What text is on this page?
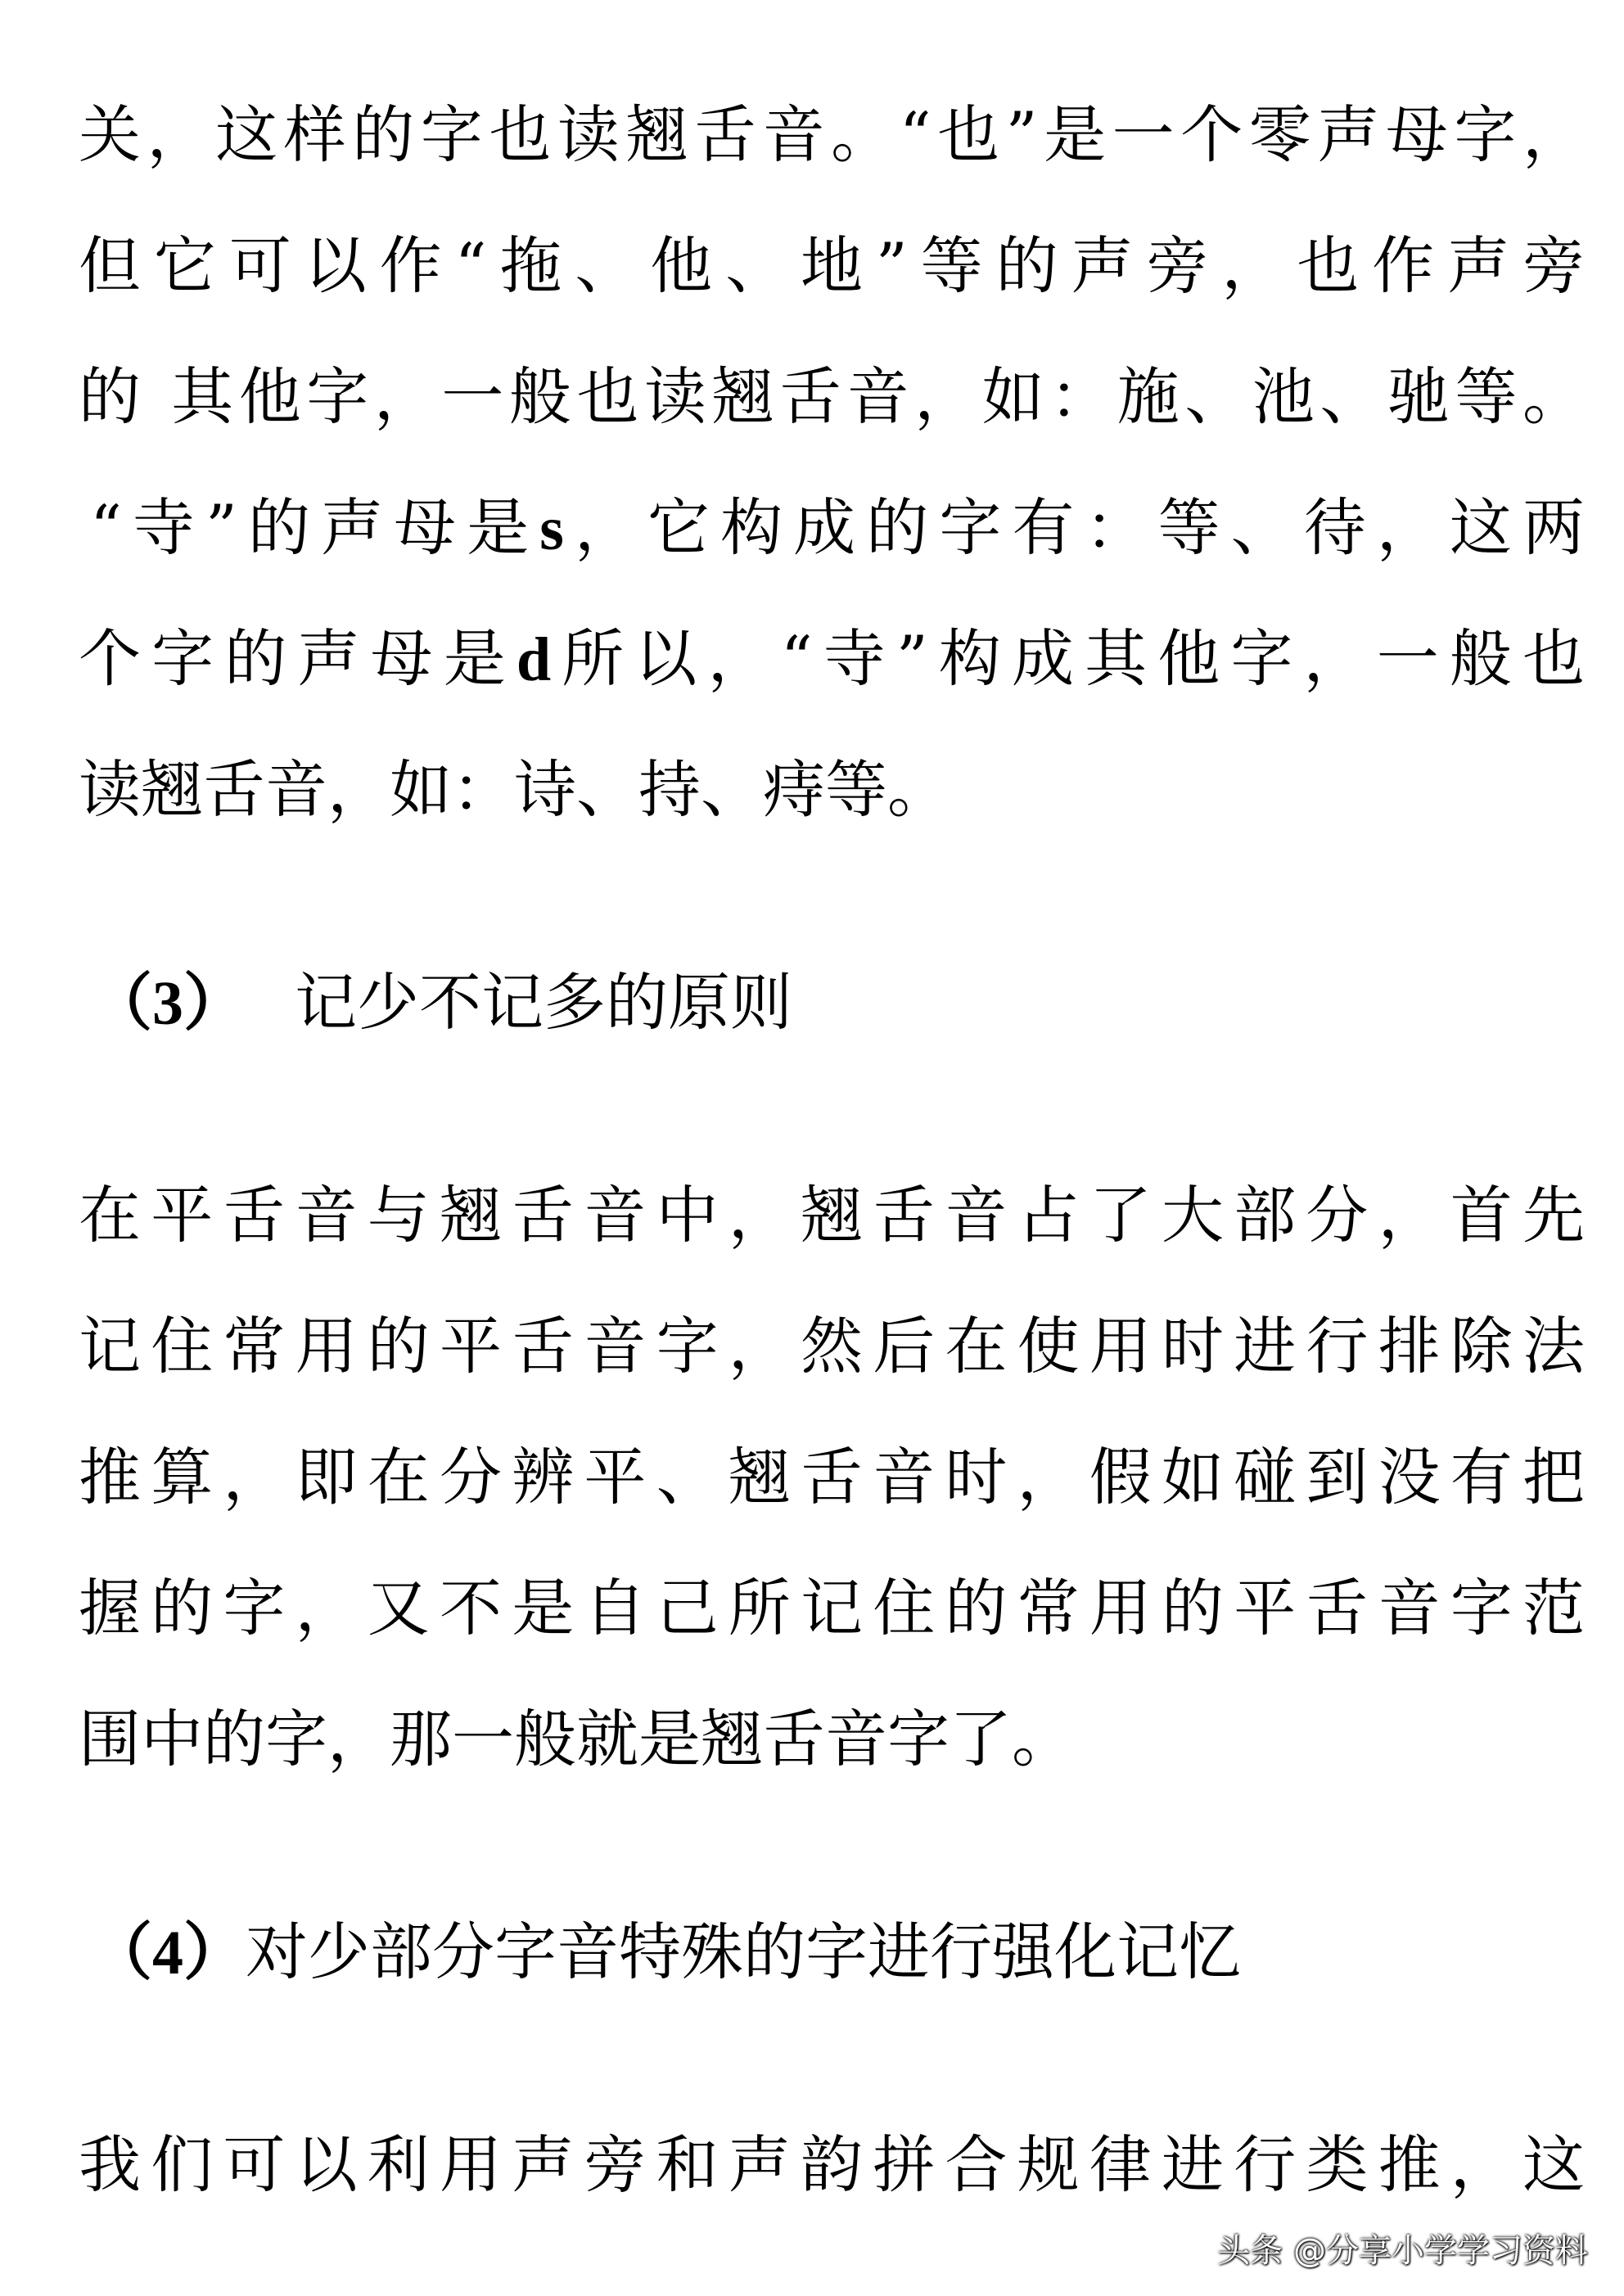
关，这样的字也读翘舌音。“也”是一个零声母字，
但它可以作“拖、他、地”等的声旁，也作声旁
的 其他字，一般也读翘舌音，如：施、池、驰等。
“寺”的声母是s，它构成的字有：等、待，这两
个字的声母是d所以，“寺”构成其他字，一般也
读翘舌音，如：诗、持、痔等。
（3） 记少不记多的原则
在平舌音与翘舌音中，翘舌音占了大部分，首先
记住常用的平舌音字，然后在使用时进行排除法
推算，即在分辨平、翘舌音时，假如碰到没有把
握的字，又不是自己所记住的常用的平舌音字范
围中的字，那一般就是翘舌音字了。
（4）对少部分字音特殊的字进行强化记忆
我们可以利用声旁和声韵拼合规律进行类推，这
头条 @分享小学学习资料
